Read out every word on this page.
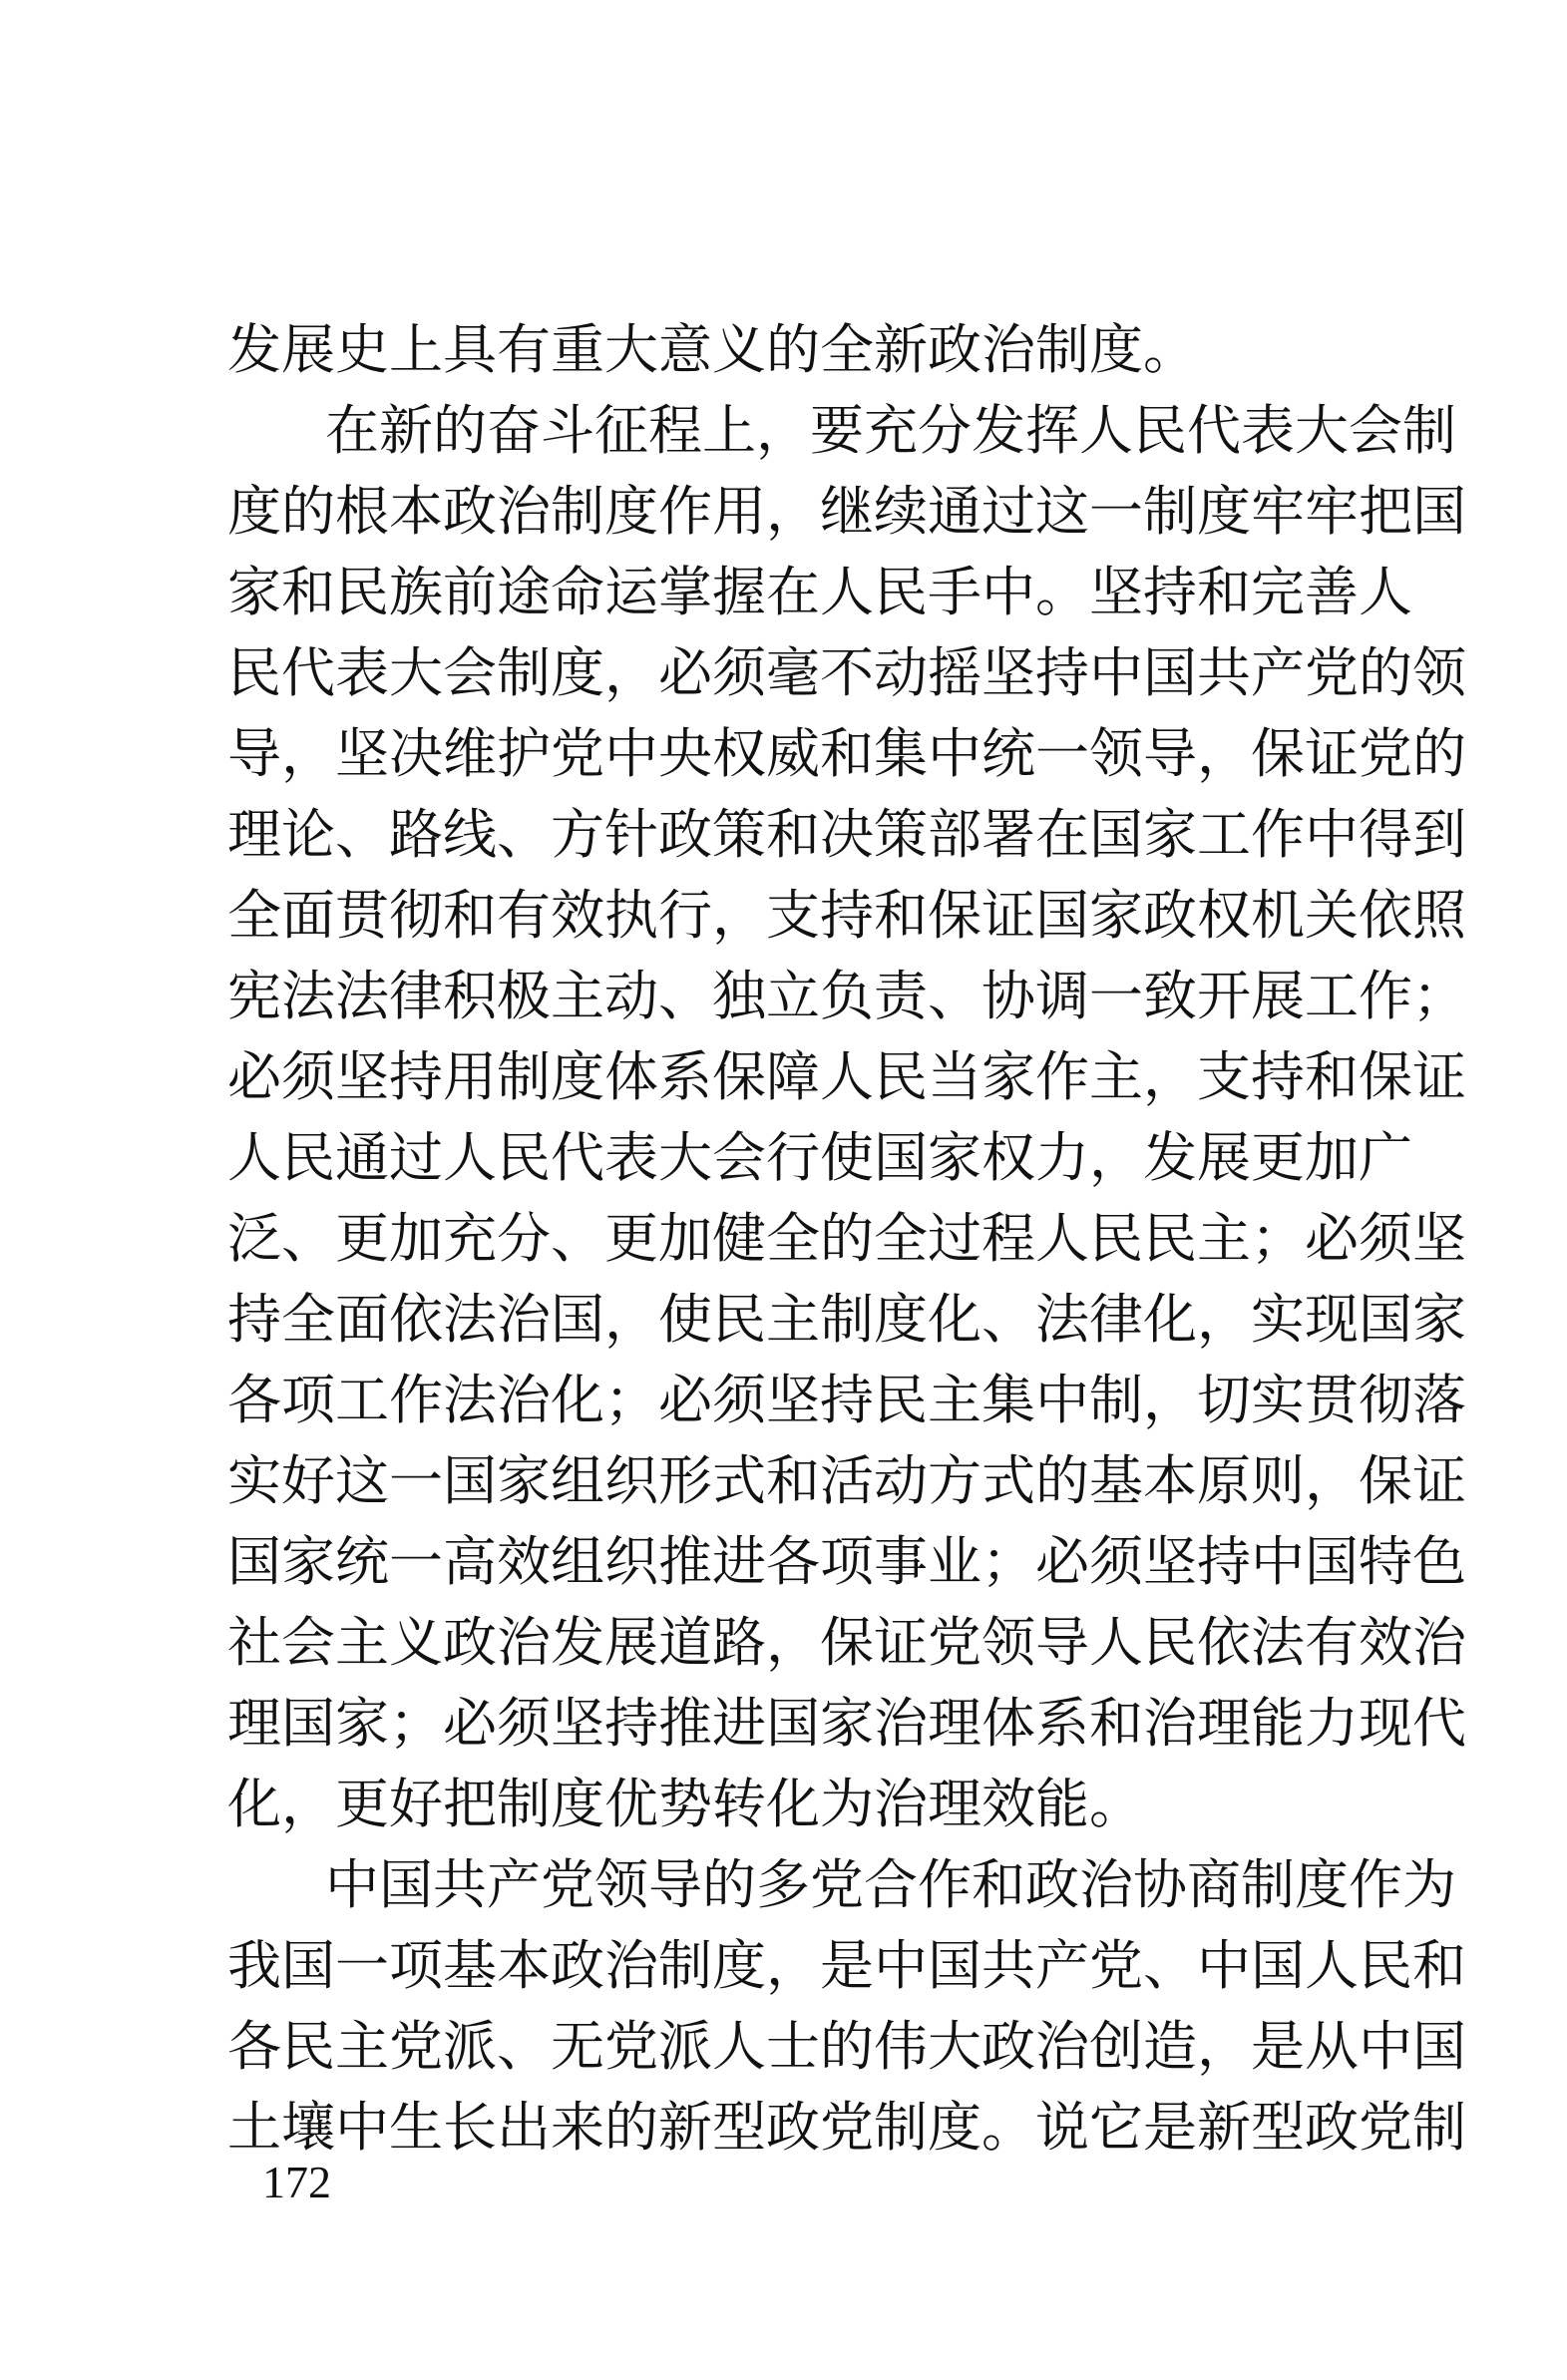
发展史上具有重大意义的全新政治制度。
在新的奋斗征程上，要充分发挥人民代表大会制
度的根本政治制度作用，继续通过这一制度牢牢把国
家和民族前途命运掌握在人民手中。坚持和完善人
民代表大会制度，必须毫不动摇坚持中国共产党的领
导，坚决维护党中央权威和集中统一领导，保证党的
理论、路线、方针政策和决策部署在国家工作中得到
全面贯彻和有效执行，支持和保证国家政权机关依照
宪法法律积极主动、独立负责、协调一致开展工作；
必须坚持用制度体系保障人民当家作主，支持和保证
人民通过人民代表大会行使国家权力，发展更加广
泛、更加充分、更加健全的全过程人民民主；必须坚
持全面依法治国，使民主制度化、法律化，实现国家
各项工作法治化；必须坚持民主集中制，切实贯彻落
实好这一国家组织形式和活动方式的基本原则，保证
国家统一高效组织推进各项事业；必须坚持中国特色
社会主义政治发展道路，保证党领导人民依法有效治
理国家；必须坚持推进国家治理体系和治理能力现代
化，更好把制度优势转化为治理效能。
中国共产党领导的多党合作和政治协商制度作为
我国一项基本政治制度，是中国共产党、中国人民和
各民主党派、无党派人士的伟大政治创造，是从中国
土壤中生长出来的新型政党制度。说它是新型政党制
172
